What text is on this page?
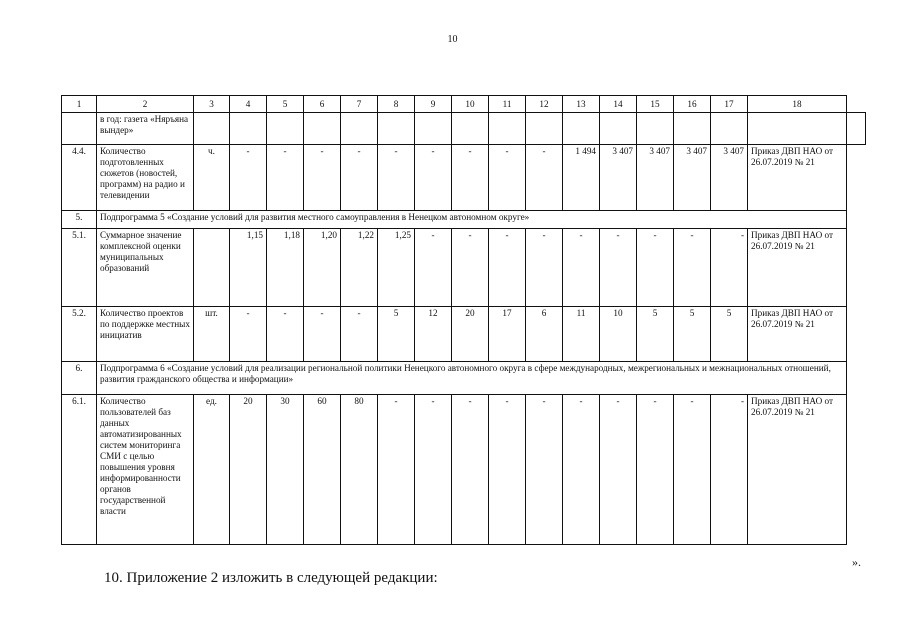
10
1	2	3	4	5	6	7	8	9	10	11	12	13	14	15	16	17	18	
	в год: газета «Няръяна вындер»																	
4.4.	Количество подготовленных сюжетов (новостей, программ) на радио и телевидении	ч.	-	-	-	-	-	-	-	-	-	1 494	3 407	3 407	3 407	3 407	Приказ ДВП НАО от 26.07.2019 № 21	
5.	Подпрограмма 5 «Создание условий для развития местного самоуправления в Ненецком автономном округе»																	
5.1.	Суммарное значение комплексной оценки муниципальных образований		1,15	1,18	1,20	1,22	1,25	-	-	-	-	-	-	-	-	-	Приказ ДВП НАО от 26.07.2019 № 21	
5.2.	Количество проектов по поддержке местных инициатив	шт.	-	-	-	-	5	12	20	17	6	11	10	5	5	5	Приказ ДВП НАО от 26.07.2019 № 21	
6.	Подпрограмма 6 «Создание условий для реализации региональной политики Ненецкого автономного округа в сфере международных, межрегиональных и межнациональных отношений, развития гражданского общества и информации»																	
6.1.	Количество пользователей баз данных автоматизированных систем мониторинга СМИ с целью повышения уровня информированности органов государственной власти	ед.	20	30	60	80	-	-	-	-	-	-	-	-	-	-	Приказ ДВП НАО от 26.07.2019 № 21	
».
10. Приложение 2 изложить в следующей редакции:
